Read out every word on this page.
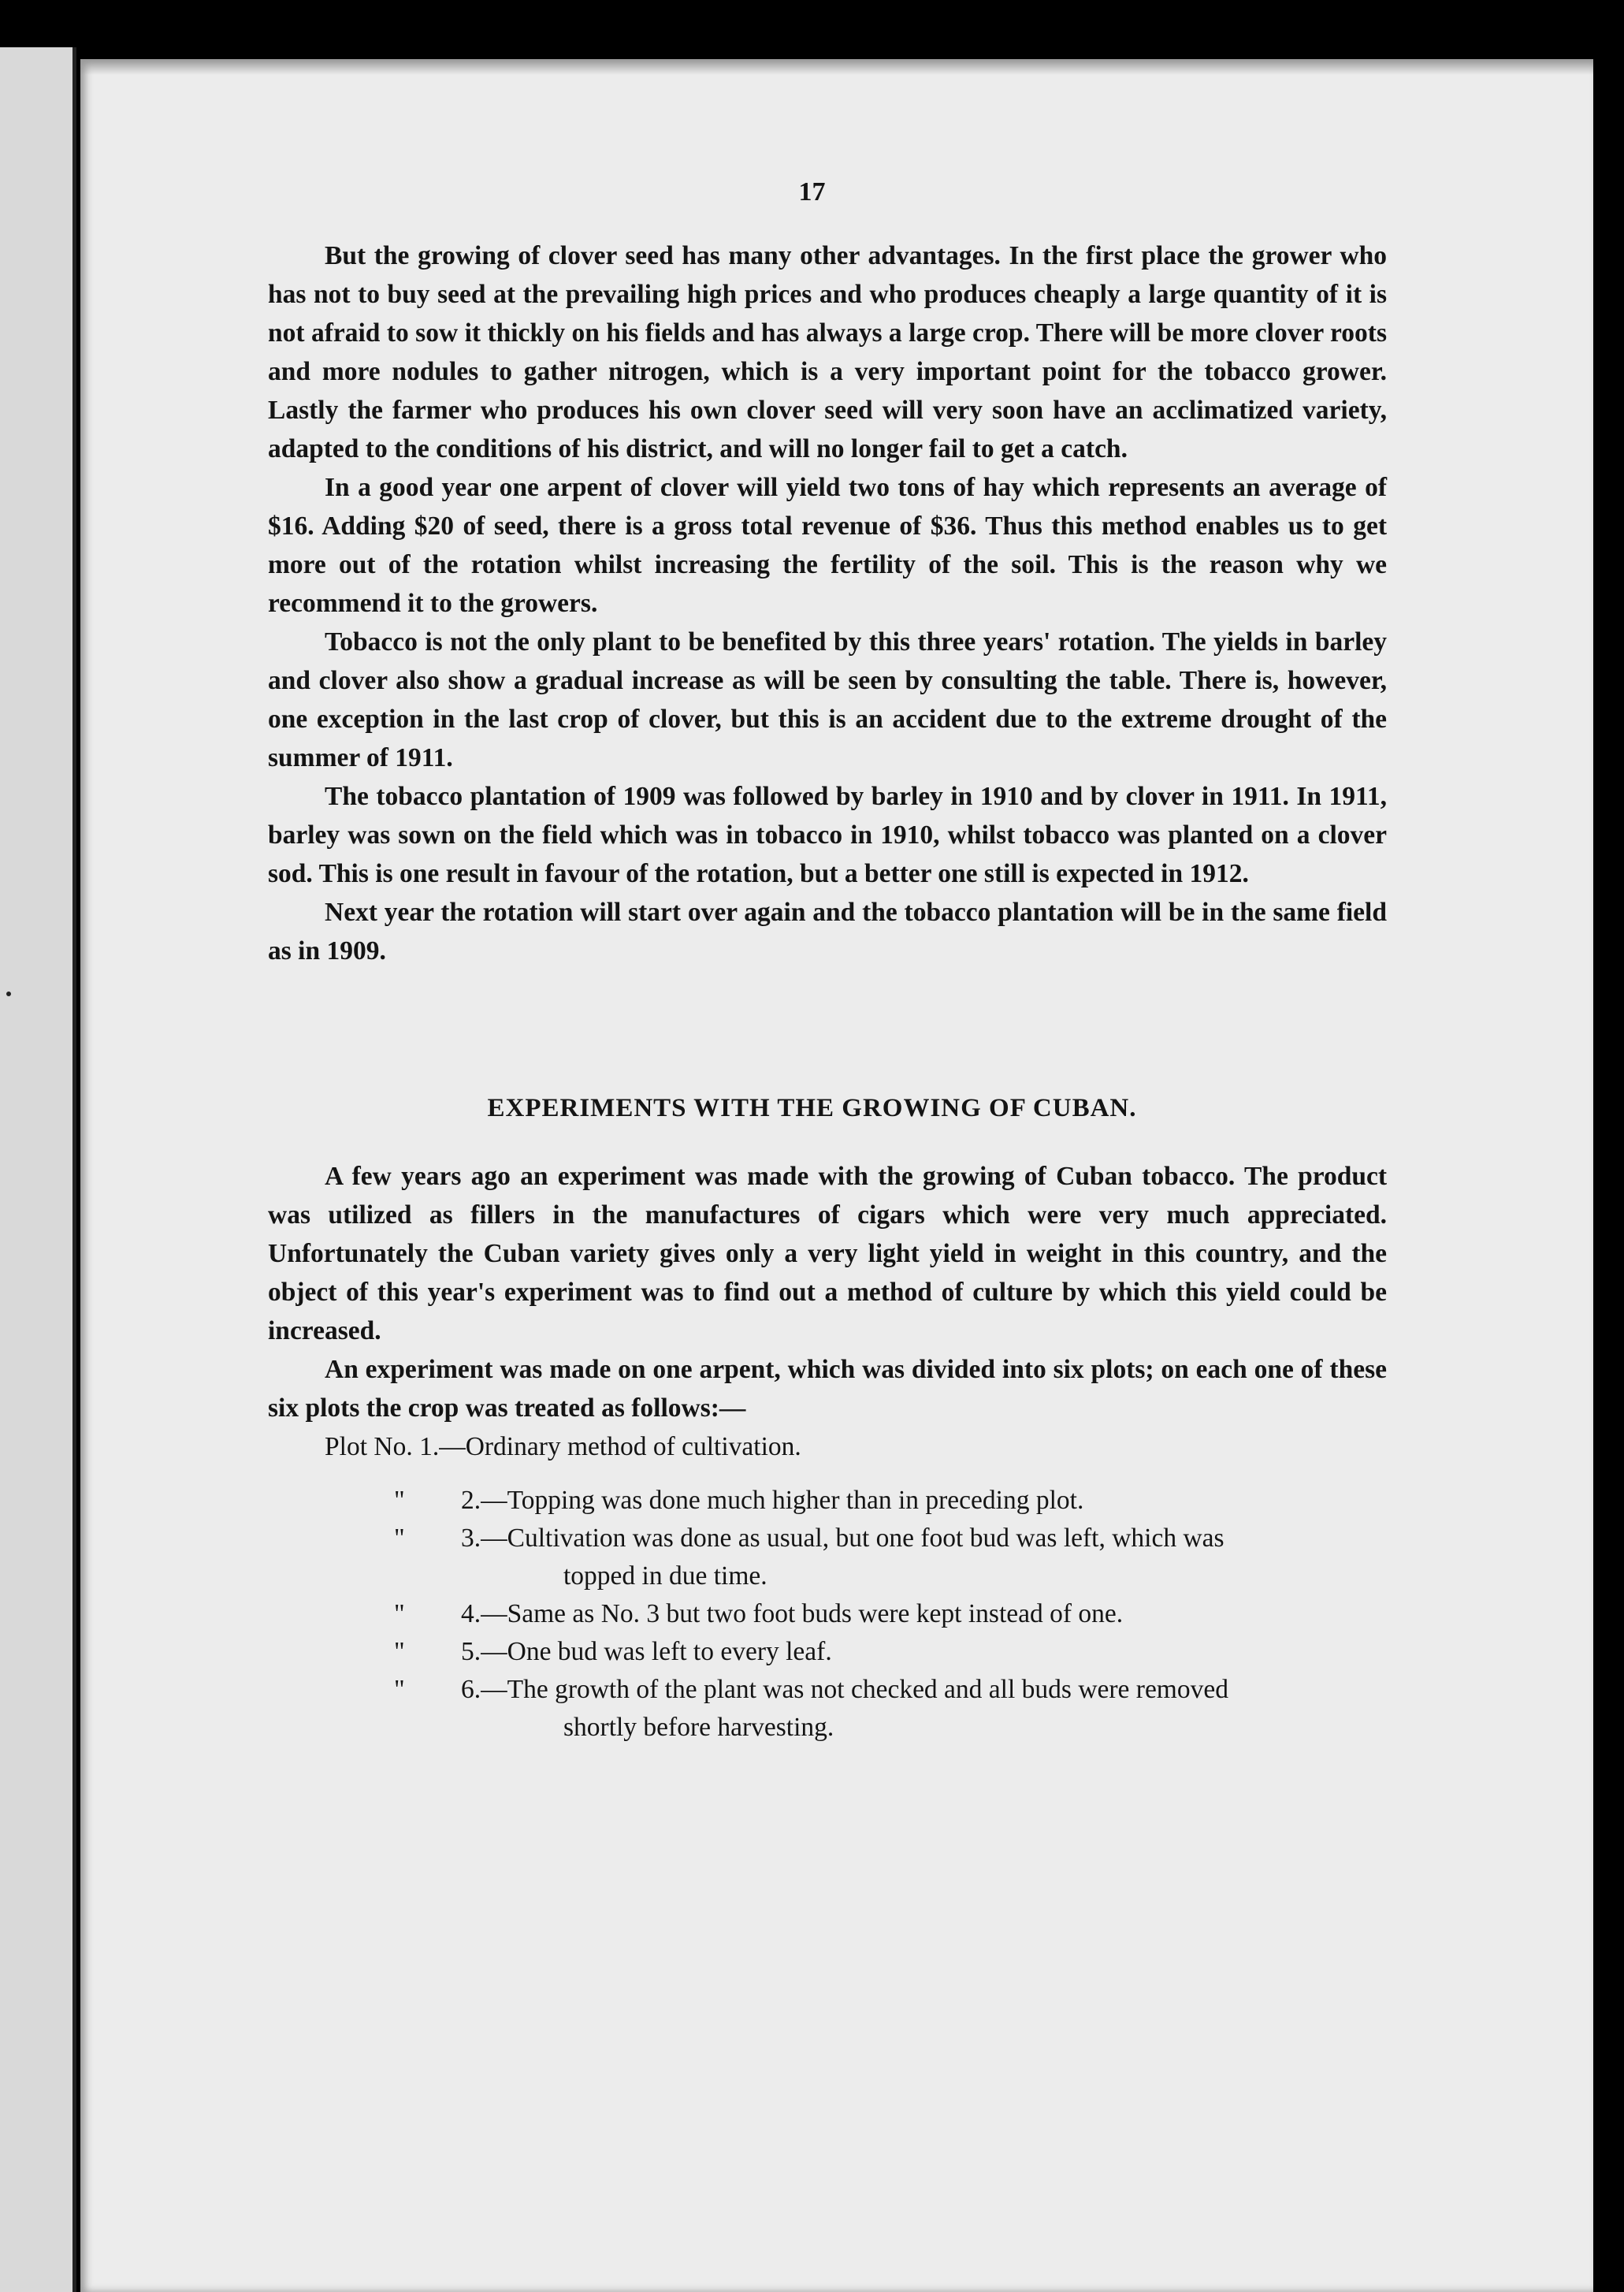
17

But the growing of clover seed has many other advantages. In the first place the grower who has not to buy seed at the prevailing high prices and who produces cheaply a large quantity of it is not afraid to sow it thickly on his fields and has always a large crop. There will be more clover roots and more nodules to gather nitrogen, which is a very important point for the tobacco grower. Lastly the farmer who produces his own clover seed will very soon have an acclimatized variety, adapted to the conditions of his district, and will no longer fail to get a catch.

In a good year one arpent of clover will yield two tons of hay which represents an average of $16. Adding $20 of seed, there is a gross total revenue of $36. Thus this method enables us to get more out of the rotation whilst increasing the fertility of the soil. This is the reason why we recommend it to the growers.

Tobacco is not the only plant to be benefited by this three years' rotation. The yields in barley and clover also show a gradual increase as will be seen by consulting the table. There is, however, one exception in the last crop of clover, but this is an accident due to the extreme drought of the summer of 1911.

The tobacco plantation of 1909 was followed by barley in 1910 and by clover in 1911. In 1911, barley was sown on the field which was in tobacco in 1910, whilst tobacco was planted on a clover sod. This is one result in favour of the rotation, but a better one still is expected in 1912.

Next year the rotation will start over again and the tobacco plantation will be in the same field as in 1909.

EXPERIMENTS WITH THE GROWING OF CUBAN.

A few years ago an experiment was made with the growing of Cuban tobacco. The product was utilized as fillers in the manufactures of cigars which were very much appreciated. Unfortunately the Cuban variety gives only a very light yield in weight in this country, and the object of this year's experiment was to find out a method of culture by which this yield could be increased.

An experiment was made on one arpent, which was divided into six plots; on each one of these six plots the crop was treated as follows:—

Plot No. 1.—Ordinary method of cultivation.

"	2.—Topping was done much higher than in preceding plot.
"	3.—Cultivation was done as usual, but one foot bud was left, which was
topped in due time.
"	4.—Same as No. 3 but two foot buds were kept instead of one.
"	5.—One bud was left to every leaf.
"	6.—The growth of the plant was not checked and all buds were removed
shortly before harvesting.
